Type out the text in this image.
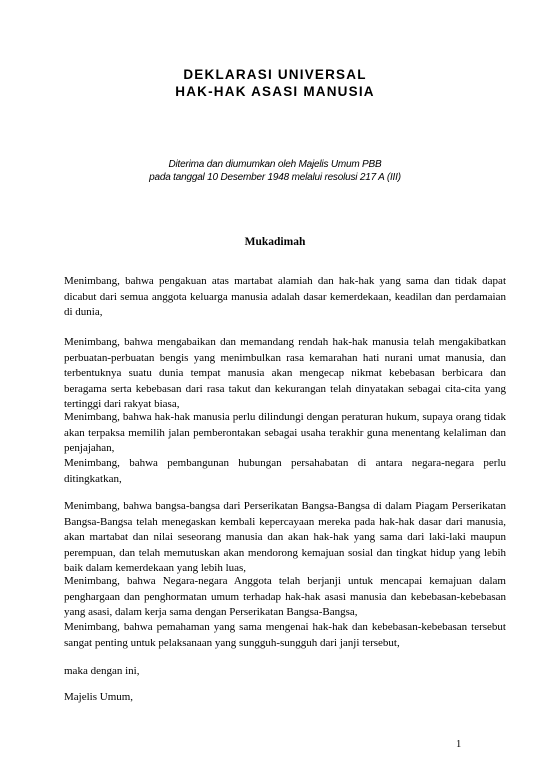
DEKLARASI UNIVERSAL
HAK-HAK ASASI MANUSIA
Diterima dan diumumkan oleh Majelis Umum PBB
pada tanggal 10 Desember 1948 melalui resolusi 217 A (III)
Mukadimah

Menimbang, bahwa pengakuan atas martabat alamiah dan hak-hak yang sama dan tidak dapat dicabut dari semua anggota keluarga manusia adalah dasar kemerdekaan, keadilan dan perdamaian di dunia,

Menimbang, bahwa mengabaikan dan memandang rendah hak-hak manusia telah mengakibatkan perbuatan-perbuatan bengis yang menimbulkan rasa kemarahan hati nurani umat manusia, dan terbentuknya suatu dunia tempat manusia akan mengecap nikmat kebebasan berbicara dan beragama serta kebebasan dari rasa takut dan kekurangan telah dinyatakan sebagai cita-cita yang tertinggi dari rakyat biasa,

Menimbang, bahwa hak-hak manusia perlu dilindungi dengan peraturan hukum, supaya orang tidak akan terpaksa memilih jalan pemberontakan sebagai usaha terakhir guna menentang kelaliman dan penjajahan,

Menimbang, bahwa pembangunan hubungan persahabatan di antara negara-negara perlu ditingkatkan,

Menimbang, bahwa bangsa-bangsa dari Perserikatan Bangsa-Bangsa di dalam Piagam Perserikatan Bangsa-Bangsa telah menegaskan kembali kepercayaan mereka pada hak-hak dasar dari manusia, akan martabat dan nilai seseorang manusia dan akan hak-hak yang sama dari laki-laki maupun perempuan, dan telah memutuskan akan mendorong kemajuan sosial dan tingkat hidup yang lebih baik dalam kemerdekaan yang lebih luas,

Menimbang, bahwa Negara-negara Anggota telah berjanji untuk mencapai kemajuan dalam penghargaan dan penghormatan umum terhadap hak-hak asasi manusia dan kebebasan-kebebasan yang asasi, dalam kerja sama dengan Perserikatan Bangsa-Bangsa,

Menimbang, bahwa pemahaman yang sama mengenai hak-hak dan kebebasan-kebebasan tersebut sangat penting untuk pelaksanaan yang sungguh-sungguh dari janji tersebut,

maka dengan ini,

Majelis Umum,

1
